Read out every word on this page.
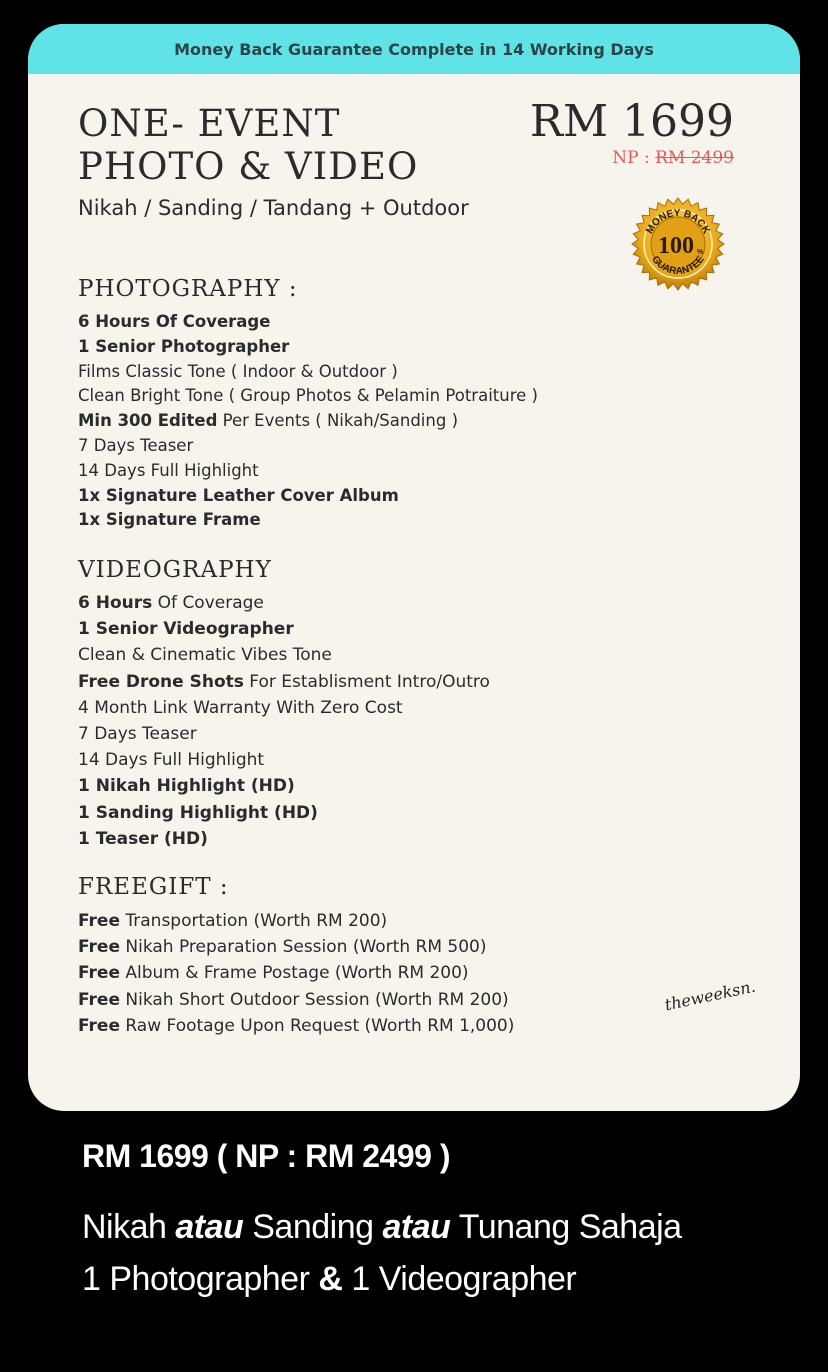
Money Back Guarantee Complete in 14 Working Days
ONE- EVENT
PHOTO & VIDEO
Nikah / Sanding / Tandang + Outdoor
RM 1699
NP : RM 2499
MONEY BACK
GUARANTEE
100 %
PHOTOGRAPHY :
6 Hours Of Coverage
1 Senior Photographer
Films Classic Tone ( Indoor & Outdoor )
Clean Bright Tone ( Group Photos & Pelamin Potraiture )
Min 300 Edited Per Events ( Nikah/Sanding )
7 Days Teaser
14 Days Full Highlight
1x Signature Leather Cover Album
1x Signature Frame
VIDEOGRAPHY
6 Hours Of Coverage
1 Senior Videographer
Clean & Cinematic Vibes Tone
Free Drone Shots For Establisment Intro/Outro
4 Month Link Warranty With Zero Cost
7 Days Teaser
14 Days Full Highlight
1 Nikah Highlight (HD)
1 Sanding Highlight (HD)
1 Teaser (HD)
FREEGIFT :
Free Transportation (Worth RM 200)
Free Nikah Preparation Session (Worth RM 500)
Free Album & Frame Postage (Worth RM 200)
Free Nikah Short Outdoor Session (Worth RM 200)
Free Raw Footage Upon Request (Worth RM 1,000)
theweeksn.
RM 1699 ( NP : RM 2499 )
Nikah atau Sanding atau Tunang Sahaja
1 Photographer & 1 Videographer
